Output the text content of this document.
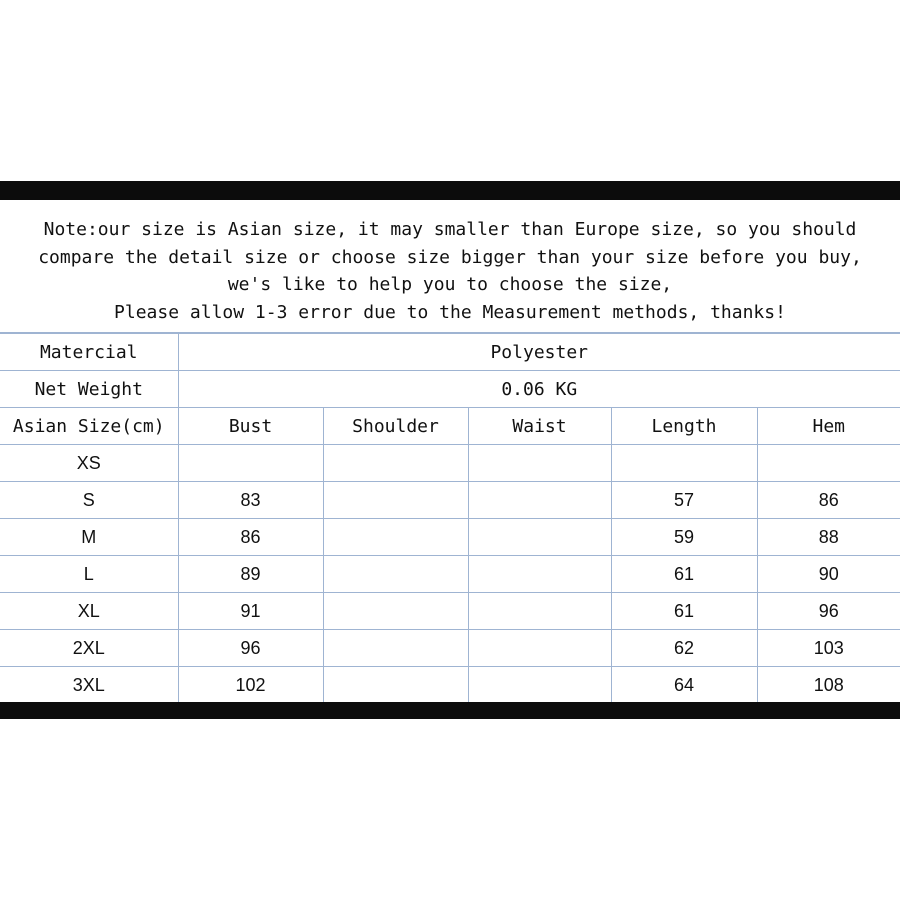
Note:our size is Asian size, it may smaller than Europe size, so you should
compare the detail size or choose size bigger than your size before you buy,
we's like to help you to choose the size,
Please allow 1-3 error due to the Measurement methods, thanks!
Matercial	Polyester				
Net Weight	0.06 KG				
Asian Size(cm)	Bust	Shoulder	Waist	Length	Hem
XS					
S	83			57	86
M	86			59	88
L	89			61	90
XL	91			61	96
2XL	96			62	103
3XL	102			64	108
